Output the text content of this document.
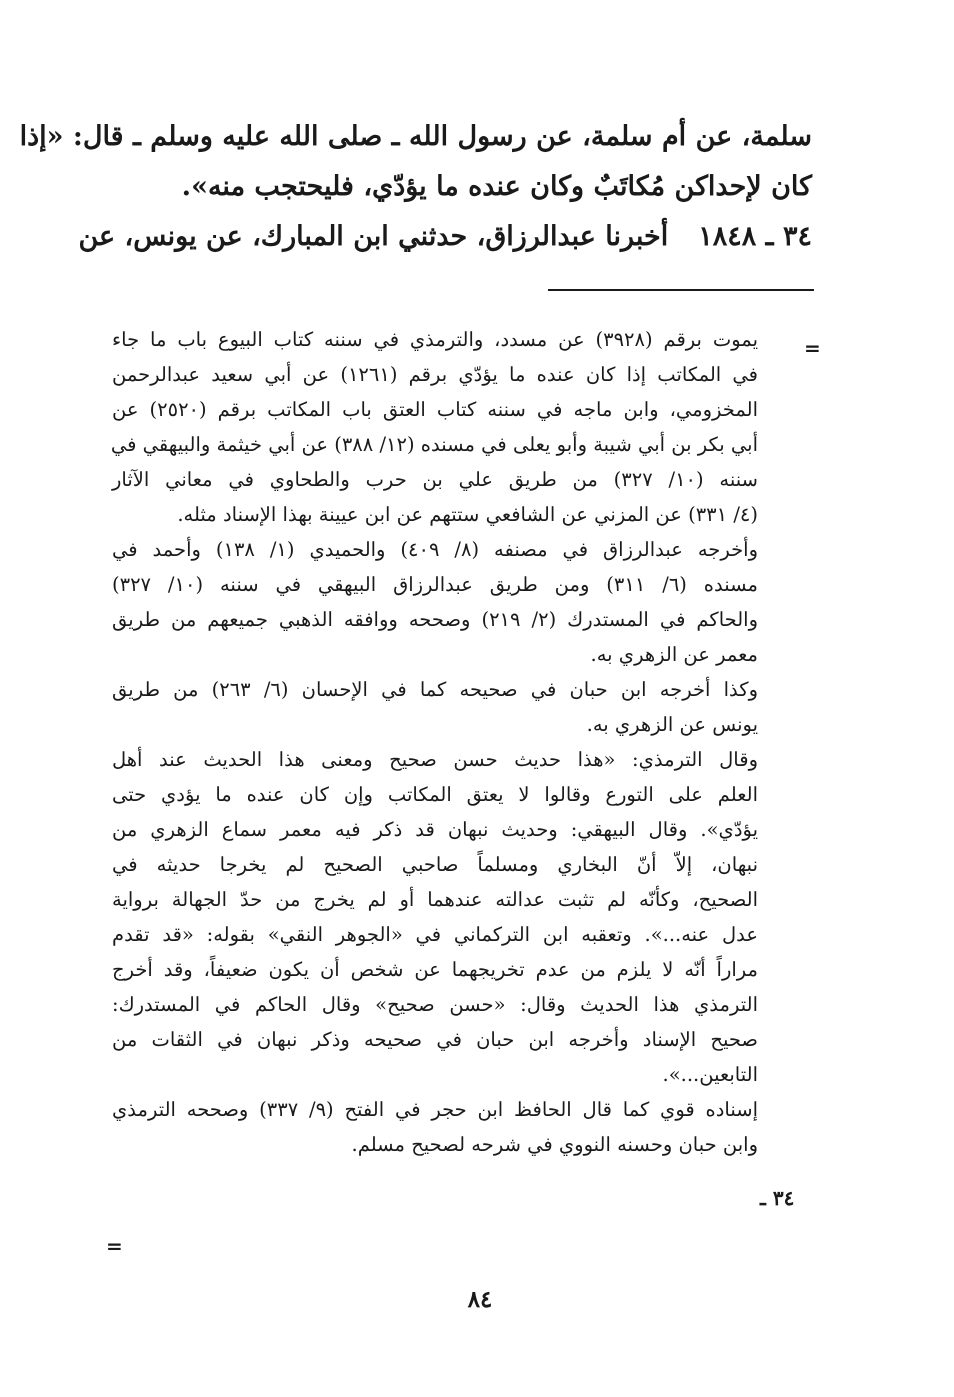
سلمة، عن أم سلمة، عن رسول الله ـ صلى الله عليه وسلم ـ قال: «إذا
كان لإحداكن مُكاتَبٌ وكان عنده ما يؤدّي، فليحتجب منه».
٣٤ ـ ١٨٤٨أخبرنا عبدالرزاق، حدثني ابن المبارك، عن يونس، عن
=
يموت برقم (٣٩٢٨) عن مسدد، والترمذي في سننه كتاب البيوع باب ما جاء
في المكاتب إذا كان عنده ما يؤدّي برقم (١٢٦١) عن أبي سعيد عبدالرحمن
المخزومي، وابن ماجه في سننه كتاب العتق باب المكاتب برقم (٢٥٢٠) عن
أبي بكر بن أبي شيبة وأبو يعلى في مسنده (١٢/ ٣٨٨) عن أبي خيثمة والبيهقي في
سننه (١٠/ ٣٢٧) من طريق علي بن حرب والطحاوي في معاني الآثار
(٤/ ٣٣١) عن المزني عن الشافعي ستتهم عن ابن عيينة بهذا الإسناد مثله.
وأخرجه عبدالرزاق في مصنفه (٨/ ٤٠٩) والحميدي (١/ ١٣٨) وأحمد في
مسنده (٦/ ٣١١) ومن طريق عبدالرزاق البيهقي في سننه (١٠/ ٣٢٧)
والحاكم في المستدرك (٢/ ٢١٩) وصححه ووافقه الذهبي جميعهم من طريق
معمر عن الزهري به.
وكذا أخرجه ابن حبان في صحيحه كما في الإحسان (٦/ ٢٦٣) من طريق
يونس عن الزهري به.
وقال الترمذي: «هذا حديث حسن صحيح ومعنى هذا الحديث عند أهل
العلم على التورع وقالوا لا يعتق المكاتب وإن كان عنده ما يؤدي حتى
يؤدّي». وقال البيهقي: وحديث نبهان قد ذكر فيه معمر سماع الزهري من
نبهان، إلاّ أنّ البخاري ومسلماً صاحبي الصحيح لم يخرجا حديثه في
الصحيح، وكأنّه لم تثبت عدالته عندهما أو لم يخرج من حدّ الجهالة برواية
عدل عنه...». وتعقبه ابن التركماني في «الجوهر النقي» بقوله: «قد تقدم
مراراً أنّه لا يلزم من عدم تخريجهما عن شخص أن يكون ضعيفاً، وقد أخرج
الترمذي هذا الحديث وقال: «حسن صحيح» وقال الحاكم في المستدرك:
صحيح الإسناد وأخرجه ابن حبان في صحيحه وذكر نبهان في الثقات من
التابعين...».
إسناده قوي كما قال الحافظ ابن حجر في الفتح (٩/ ٣٣٧) وصححه الترمذي
وابن حبان وحسنه النووي في شرحه لصحيح مسلم.
٣٤ ـ
=
٨٤
